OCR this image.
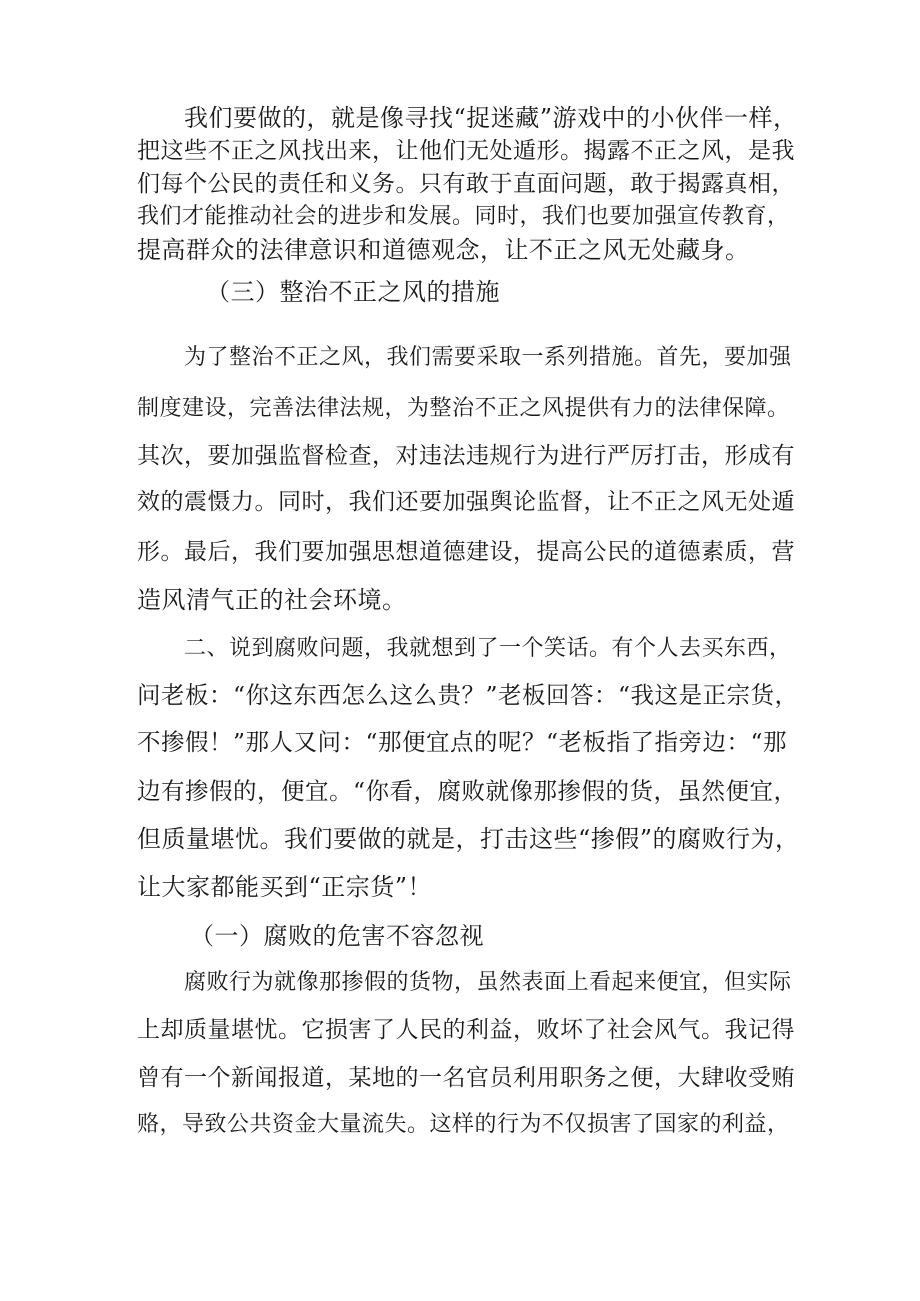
我们要做的，就是像寻找“捉迷藏”游戏中的小伙伴一样，
把这些不正之风找出来，让他们无处遁形。揭露不正之风，是我
们每个公民的责任和义务。只有敢于直面问题，敢于揭露真相，
我们才能推动社会的进步和发展。同时，我们也要加强宣传教育，
提高群众的法律意识和道德观念，让不正之风无处藏身。
（三）整治不正之风的措施
为了整治不正之风，我们需要采取一系列措施。首先，要加强
制度建设，完善法律法规，为整治不正之风提供有力的法律保障。
其次，要加强监督检查，对违法违规行为进行严厉打击，形成有
效的震慑力。同时，我们还要加强舆论监督，让不正之风无处遁
形。最后，我们要加强思想道德建设，提高公民的道德素质，营
造风清气正的社会环境。
二、说到腐败问题，我就想到了一个笑话。有个人去买东西，
问老板：“你这东西怎么这么贵？”老板回答：“我这是正宗货，
不掺假！”那人又问：“那便宜点的呢？“老板指了指旁边：“那
边有掺假的，便宜。“你看，腐败就像那掺假的货，虽然便宜，
但质量堪忧。我们要做的就是，打击这些“掺假”的腐败行为，
让大家都能买到“正宗货”！
（一）腐败的危害不容忽视
腐败行为就像那掺假的货物，虽然表面上看起来便宜，但实际
上却质量堪忧。它损害了人民的利益，败坏了社会风气。我记得
曾有一个新闻报道，某地的一名官员利用职务之便，大肆收受贿
赂，导致公共资金大量流失。这样的行为不仅损害了国家的利益，
